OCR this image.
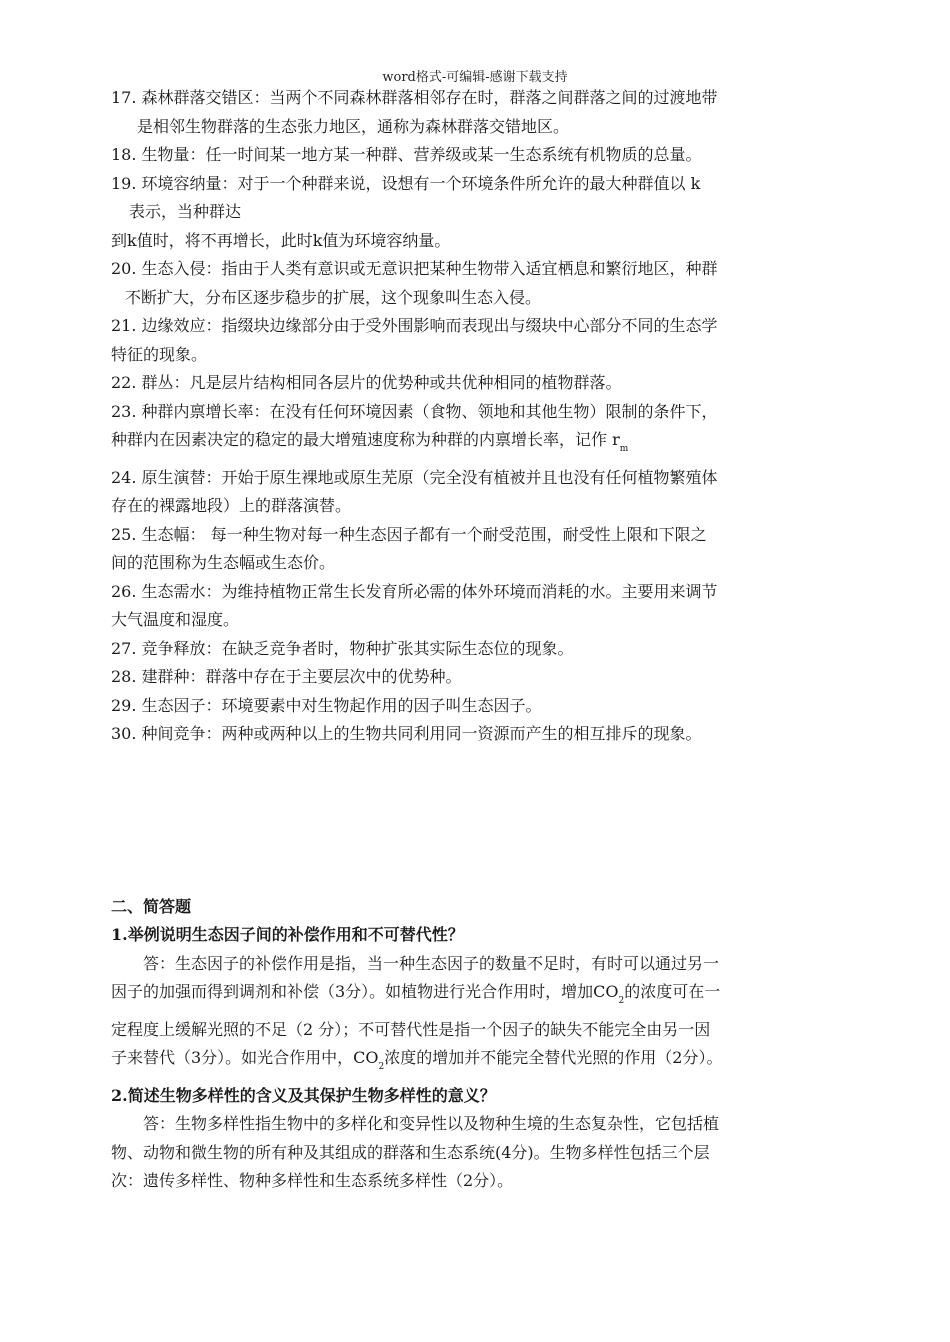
word格式-可编辑-感谢下载支持
17. 森林群落交错区：当两个不同森林群落相邻存在时，群落之间群落之间的过渡地带
是相邻生物群落的生态张力地区，通称为森林群落交错地区。
18. 生物量：任一时间某一地方某一种群、营养级或某一生态系统有机物质的总量。
19. 环境容纳量：对于一个种群来说，设想有一个环境条件所允许的最大种群值以 k
表示，当种群达
到k值时，将不再增长，此时k值为环境容纳量。
20. 生态入侵：指由于人类有意识或无意识把某种生物带入适宜栖息和繁衍地区，种群
不断扩大，分布区逐步稳步的扩展，这个现象叫生态入侵。
21. 边缘效应：指缀块边缘部分由于受外围影响而表现出与缀块中心部分不同的生态学
特征的现象。
22. 群丛：凡是层片结构相同各层片的优势种或共优种相同的植物群落。
23. 种群内禀增长率：在没有任何环境因素（食物、领地和其他生物）限制的条件下，
种群内在因素决定的稳定的最大增殖速度称为种群的内禀增长率，记作 $r_m$
24. 原生演替：开始于原生裸地或原生芜原（完全没有植被并且也没有任何植物繁殖体
存在的裸露地段）上的群落演替。
25. 生态幅： 每一种生物对每一种生态因子都有一个耐受范围，耐受性上限和下限之
间的范围称为生态幅或生态价。
26. 生态需水：为维持植物正常生长发育所必需的体外环境而消耗的水。主要用来调节
大气温度和湿度。
27. 竞争释放：在缺乏竞争者时，物种扩张其实际生态位的现象。
28. 建群种：群落中存在于主要层次中的优势种。
29. 生态因子：环境要素中对生物起作用的因子叫生态因子。
30. 种间竞争：两种或两种以上的生物共同利用同一资源而产生的相互排斥的现象。
二、简答题
1.举例说明生态因子间的补偿作用和不可替代性？
答：生态因子的补偿作用是指，当一种生态因子的数量不足时，有时可以通过另一
因子的加强而得到调剂和补偿（3分）。如植物进行光合作用时，增加$CO_2$的浓度可在一
定程度上缓解光照的不足（2 分）；不可替代性是指一个因子的缺失不能完全由另一因
子来替代（3分）。如光合作用中，$CO_2$浓度的增加并不能完全替代光照的作用（2分）。
2.简述生物多样性的含义及其保护生物多样性的意义？
答：生物多样性指生物中的多样化和变异性以及物种生境的生态复杂性，它包括植
物、动物和微生物的所有种及其组成的群落和生态系统(4分)。生物多样性包括三个层
次：遗传多样性、物种多样性和生态系统多样性（2分）。
